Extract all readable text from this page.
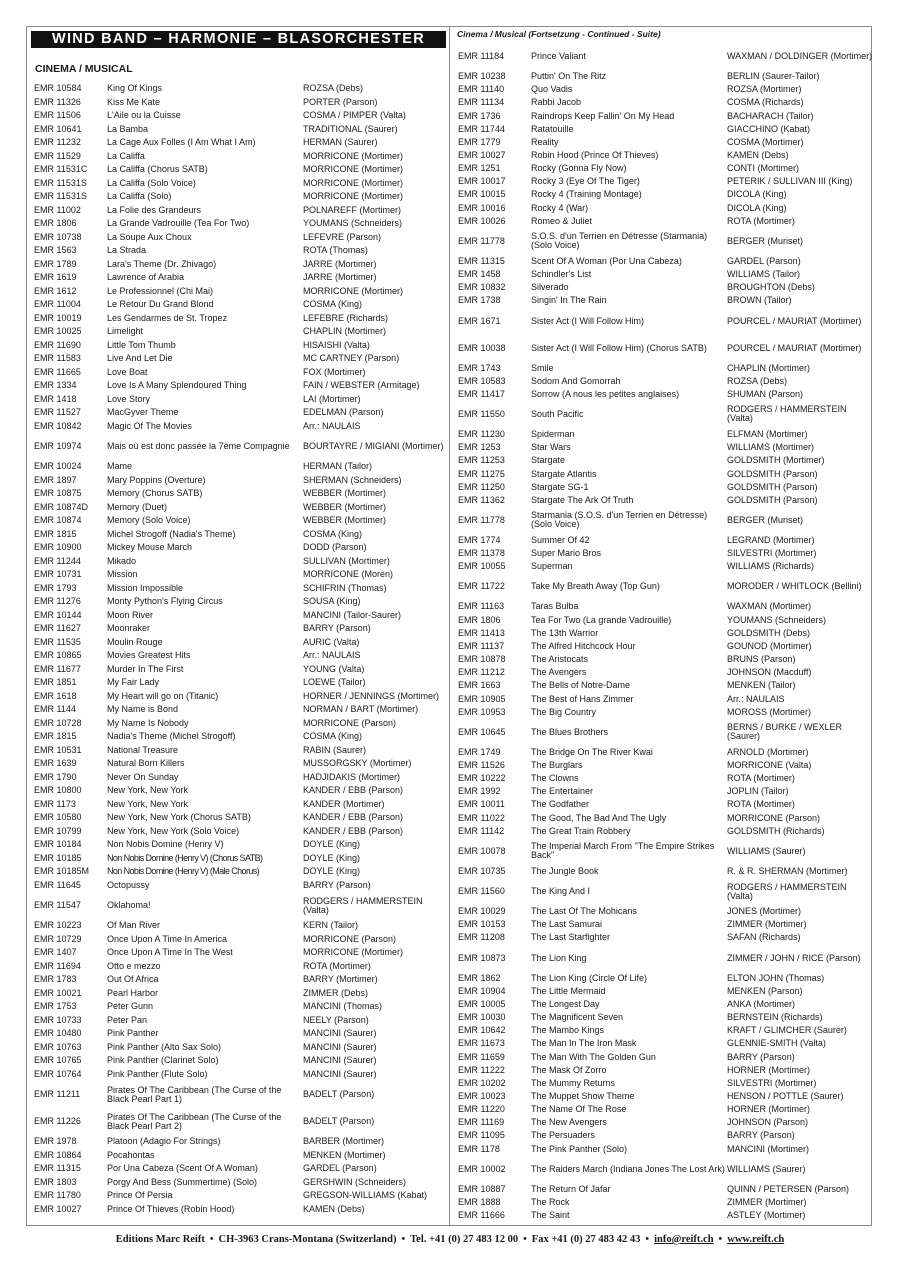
WIND BAND – HARMONIE – BLASORCHESTER
CINEMA / MUSICAL
EMR 10584	King Of Kings	ROZSA (Debs)
EMR 11326	Kiss Me Kate	PORTER (Parson)
EMR 11506	L'Aile ou la Cuisse	COSMA / PIMPER (Valta)
EMR 10641	La Bamba	TRADITIONAL (Saurer)
EMR 11232	La Cage Aux Folles (I Am What I Am)	HERMAN (Saurer)
EMR 11529	La Califfa	MORRICONE (Mortimer)
EMR 11531C	La Califfa (Chorus SATB)	MORRICONE (Mortimer)
EMR 11531S	La Califfa (Solo Voice)	MORRICONE (Mortimer)
EMR 11531S	La Califfa (Solo)	MORRICONE (Mortimer)
EMR 11002	La Folie des Grandeurs	POLNAREFF (Mortimer)
EMR 1806	La Grande Vadrouille (Tea For Two)	YOUMANS (Schneiders)
EMR 10738	La Soupe Aux Choux	LEFEVRE (Parson)
EMR 1563	La Strada	ROTA (Thomas)
EMR 1789	Lara's Theme (Dr. Zhivago)	JARRE (Mortimer)
EMR 1619	Lawrence of Arabia	JARRE (Mortimer)
EMR 1612	Le Professionnel (Chi Mai)	MORRICONE (Mortimer)
EMR 11004	Le Retour Du Grand Blond	COSMA (King)
EMR 10019	Les Gendarmes de St. Tropez	LEFEBRE (Richards)
EMR 10025	Limelight	CHAPLIN (Mortimer)
EMR 11690	Little Tom Thumb	HISAISHI (Valta)
EMR 11583	Live And Let Die	MC CARTNEY (Parson)
EMR 11665	Love Boat	FOX (Mortimer)
EMR 1334	Love Is A Many Splendoured Thing	FAIN / WEBSTER (Armitage)
EMR 1418	Love Story	LAI (Mortimer)
EMR 11527	MacGyver Theme	EDELMAN (Parson)
EMR 10842	Magic Of The Movies	Arr.: NAULAIS
EMR 10974	Mais où est donc passée la 7ème Compagnie	BOURTAYRE / MIGIANI (Mortimer)
EMR 10024	Mame	HERMAN (Tailor)
EMR 1897	Mary Poppins (Overture)	SHERMAN (Schneiders)
EMR 10875	Memory (Chorus SATB)	WEBBER (Mortimer)
EMR 10874D	Memory (Duet)	WEBBER (Mortimer)
EMR 10874	Memory (Solo Voice)	WEBBER (Mortimer)
EMR 1815	Michel Strogoff (Nadia's Theme)	COSMA (King)
EMR 10900	Mickey Mouse March	DODD (Parson)
EMR 11244	Mikado	SULLIVAN (Mortimer)
EMR 10731	Mission	MORRICONE (Moren)
EMR 1793	Mission Impossible	SCHIFRIN (Thomas)
EMR 11276	Monty Python's Flying Circus	SOUSA (King)
EMR 10144	Moon River	MANCINI (Tailor-Saurer)
EMR 11627	Moonraker	BARRY (Parson)
EMR 11535	Moulin Rouge	AURIC (Valta)
EMR 10865	Movies Greatest Hits	Arr.: NAULAIS
EMR 11677	Murder In The First	YOUNG (Valta)
EMR 1851	My Fair Lady	LOEWE (Tailor)
EMR 1618	My Heart will go on (Titanic)	HORNER / JENNINGS (Mortimer)
EMR 1144	My Name is Bond	NORMAN / BART (Mortimer)
EMR 10728	My Name Is Nobody	MORRICONE (Parson)
EMR 1815	Nadia's Theme (Michel Strogoff)	COSMA (King)
EMR 10531	National Treasure	RABIN (Saurer)
EMR 1639	Natural Born Killers	MUSSORGSKY (Mortimer)
EMR 1790	Never On Sunday	HADJIDAKIS (Mortimer)
EMR 10800	New York, New York	KANDER / EBB (Parson)
EMR 1173	New York, New York	KANDER (Mortimer)
EMR 10580	New York, New York (Chorus SATB)	KANDER / EBB (Parson)
EMR 10799	New York, New York (Solo Voice)	KANDER / EBB (Parson)
EMR 10184	Non Nobis Domine (Henry V)	DOYLE (King)
EMR 10185	Non Nobis Domine (Henry V) (Chorus SATB)	DOYLE (King)
EMR 10185M	Non Nobis Domine (Henry V) (Male Chorus)	DOYLE (King)
EMR 11645	Octopussy	BARRY (Parson)
EMR 11547	Oklahoma!	RODGERS / HAMMERSTEIN (Valta)
EMR 10223	Of Man River	KERN (Tailor)
EMR 10729	Once Upon A Time In America	MORRICONE (Parson)
EMR 1407	Once Upon A Time In The West	MORRICONE (Mortimer)
EMR 11694	Otto e mezzo	ROTA (Mortimer)
EMR 1783	Out Of Africa	BARRY (Mortimer)
EMR 10021	Pearl Harbor	ZIMMER (Debs)
EMR 1753	Peter Gunn	MANCINI (Thomas)
EMR 10733	Peter Pan	NEELY (Parson)
EMR 10480	Pink Panther	MANCINI (Saurer)
EMR 10763	Pink Panther (Alto Sax Solo)	MANCINI (Saurer)
EMR 10765	Pink Panther (Clarinet Solo)	MANCINI (Saurer)
EMR 10764	Pink Panther (Flute Solo)	MANCINI (Saurer)
EMR 11211	Pirates Of The Caribbean (The Curse of the Black Pearl Part 1)	BADELT (Parson)
EMR 11226	Pirates Of The Caribbean (The Curse of the Black Pearl Part 2)	BADELT (Parson)
EMR 1978	Platoon (Adagio For Strings)	BARBER (Mortimer)
EMR 10864	Pocahontas	MENKEN (Mortimer)
EMR 11315	Por Una Cabeza (Scent Of A Woman)	GARDEL (Parson)
EMR 1803	Porgy And Bess (Summertime) (Solo)	GERSHWIN (Schneiders)
EMR 11780	Prince Of Persia	GREGSON-WILLIAMS (Kabat)
EMR 10027	Prince Of Thieves (Robin Hood)	KAMEN (Debs)
Cinema / Musical (Fortsetzung - Continued - Suite)
EMR 11184	Prince Valiant	WAXMAN / DOLDINGER (Mortimer)
EMR 10238	Puttin' On The Ritz	BERLIN (Saurer-Tailor)
EMR 11140	Quo Vadis	ROZSA (Mortimer)
EMR 11134	Rabbi Jacob	COSMA (Richards)
EMR 1736	Raindrops Keep Fallin' On My Head	BACHARACH (Tailor)
EMR 11744	Ratatouille	GIACCHINO (Kabat)
EMR 1779	Reality	COSMA (Mortimer)
EMR 10027	Robin Hood (Prince Of Thieves)	KAMEN (Debs)
EMR 1251	Rocky (Gonna Fly Now)	CONTI (Mortimer)
EMR 10017	Rocky 3 (Eye Of The Tiger)	PETERIK / SULLIVAN III (King)
EMR 10015	Rocky 4 (Training Montage)	DICOLA (King)
EMR 10016	Rocky 4 (War)	DICOLA (King)
EMR 10026	Romeo & Juliet	ROTA (Mortimer)
EMR 11778	S.O.S. d'un Terrien en Détresse (Starmania) (Solo Voice)	BERGER (Muriset)
EMR 11315	Scent Of A Woman (Por Una Cabeza)	GARDEL (Parson)
EMR 1458	Schindler's List	WILLIAMS (Tailor)
EMR 10832	Silverado	BROUGHTON (Debs)
EMR 1738	Singin' In The Rain	BROWN (Tailor)
EMR 1671	Sister Act (I Will Follow Him)	POURCEL / MAURIAT (Mortimer)
EMR 10038	Sister Act (I Will Follow Him) (Chorus SATB)	POURCEL / MAURIAT (Mortimer)
EMR 1743	Smile	CHAPLIN (Mortimer)
EMR 10583	Sodom And Gomorrah	ROZSA (Debs)
EMR 11417	Sorrow (A nous les petites anglaises)	SHUMAN (Parson)
EMR 11550	South Pacific	RODGERS / HAMMERSTEIN (Valta)
EMR 11230	Spiderman	ELFMAN (Mortimer)
EMR 1253	Star Wars	WILLIAMS (Mortimer)
EMR 11253	Stargate	GOLDSMITH (Mortimer)
EMR 11275	Stargate Atlantis	GOLDSMITH (Parson)
EMR 11250	Stargate SG-1	GOLDSMITH (Parson)
EMR 11362	Stargate The Ark Of Truth	GOLDSMITH (Parson)
EMR 11778	Starmania (S.O.S. d'un Terrien en Détresse) (Solo Voice)	BERGER (Muriset)
EMR 1774	Summer Of 42	LEGRAND (Mortimer)
EMR 11378	Super Mario Bros	SILVESTRI (Mortimer)
EMR 10055	Superman	WILLIAMS (Richards)
EMR 11722	Take My Breath Away (Top Gun)	MORODER / WHITLOCK (Bellini)
EMR 11163	Taras Bulba	WAXMAN (Mortimer)
EMR 1806	Tea For Two (La grande Vadrouille)	YOUMANS (Schneiders)
EMR 11413	The 13th Warrior	GOLDSMITH (Debs)
EMR 11137	The Alfred Hitchcock Hour	GOUNOD (Mortimer)
EMR 10878	The Aristocats	BRUNS (Parson)
EMR 11212	The Avengers	JOHNSON (Macduff)
EMR 1663	The Bells of Notre-Dame	MENKEN (Tailor)
EMR 10905	The Best of Hans Zimmer	Arr.: NAULAIS
EMR 10953	The Big Country	MOROSS (Mortimer)
EMR 10645	The Blues Brothers	BERNS / BURKE / WEXLER (Saurer)
EMR 1749	The Bridge On The River Kwai	ARNOLD (Mortimer)
EMR 11526	The Burglars	MORRICONE (Valta)
EMR 10222	The Clowns	ROTA (Mortimer)
EMR 1992	The Entertainer	JOPLIN (Tailor)
EMR 10011	The Godfather	ROTA (Mortimer)
EMR 11022	The Good, The Bad And The Ugly	MORRICONE (Parson)
EMR 11142	The Great Train Robbery	GOLDSMITH (Richards)
EMR 10078	The Imperial March From "The Empire Strikes Back"	WILLIAMS (Saurer)
EMR 10735	The Jungle Book	R. & R. SHERMAN (Mortimer)
EMR 11560	The King And I	RODGERS / HAMMERSTEIN (Valta)
EMR 10029	The Last Of The Mohicans	JONES (Mortimer)
EMR 10153	The Last Samurai	ZIMMER (Mortimer)
EMR 11208	The Last Starfighter	SAFAN (Richards)
EMR 10873	The Lion King	ZIMMER / JOHN / RICE (Parson)
EMR 1862	The Lion King (Circle Of Life)	ELTON JOHN (Thomas)
EMR 10904	The Little Mermaid	MENKEN (Parson)
EMR 10005	The Longest Day	ANKA (Mortimer)
EMR 10030	The Magnificent Seven	BERNSTEIN (Richards)
EMR 10642	The Mambo Kings	KRAFT / GLIMCHER (Saurer)
EMR 11673	The Man In The Iron Mask	GLENNIE-SMITH (Valta)
EMR 11659	The Man With The Golden Gun	BARRY (Parson)
EMR 11222	The Mask Of Zorro	HORNER (Mortimer)
EMR 10202	The Mummy Returns	SILVESTRI (Mortimer)
EMR 10023	The Muppet Show Theme	HENSON / POTTLE (Saurer)
EMR 11220	The Name Of The Rose	HORNER (Mortimer)
EMR 11169	The New Avengers	JOHNSON (Parson)
EMR 11095	The Persuaders	BARRY (Parson)
EMR 1178	The Pink Panther (Solo)	MANCINI (Mortimer)
EMR 10002	The Raiders March (Indiana Jones The Lost Ark) WILLIAMS (Saurer)
EMR 10887	The Return Of Jafar	QUINN / PETERSEN (Parson)
EMR 1888	The Rock	ZIMMER (Mortimer)
EMR 11666	The Saint	ASTLEY (Mortimer)
Editions Marc Reift • CH-3963 Crans-Montana (Switzerland) • Tel. +41 (0) 27 483 12 00 • Fax +41 (0) 27 483 42 43 • info@reift.ch • www.reift.ch
